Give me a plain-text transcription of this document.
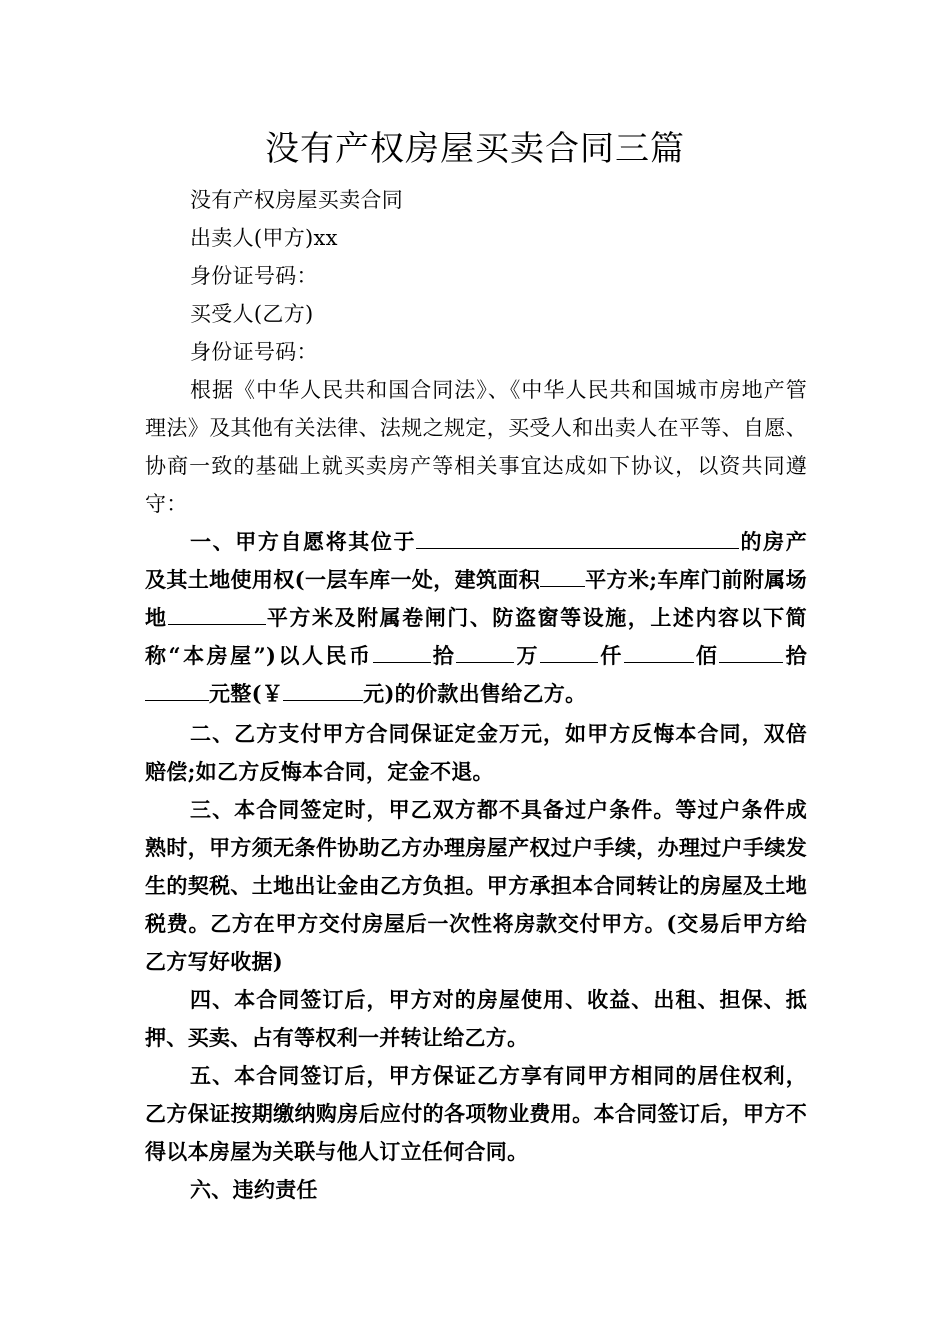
没有产权房屋买卖合同三篇

没有产权房屋买卖合同

出卖人(甲方)xx

身份证号码：

买受人(乙方)

身份证号码：

根据《中华人民共和国合同法》、《中华人民共和国城市房地产管理法》及其他有关法律、法规之规定，买受人和出卖人在平等、自愿、协商一致的基础上就买卖房产等相关事宜达成如下协议，以资共同遵守：

一、甲方自愿将其位于	的房产及其土地使用权(一层车库一处，建筑面积 平方米;车库门前附属场地	平方米及附属卷闸门、防盗窗等设施，上述内容以下简称“本房屋”)以人民币	拾	万	仟	佰	拾元整(￥	元)的价款出售给乙方。

二、乙方支付甲方合同保证定金万元，如甲方反悔本合同，双倍赔偿;如乙方反悔本合同，定金不退。

三、本合同签定时，甲乙双方都不具备过户条件。等过户条件成熟时，甲方须无条件协助乙方办理房屋产权过户手续，办理过户手续发生的契税、土地出让金由乙方负担。甲方承担本合同转让的房屋及土地税费。乙方在甲方交付房屋后一次性将房款交付甲方。(交易后甲方给乙方写好收据)

四、本合同签订后，甲方对的房屋使用、收益、出租、担保、抵押、买卖、占有等权利一并转让给乙方。

五、本合同签订后，甲方保证乙方享有同甲方相同的居住权利，乙方保证按期缴纳购房后应付的各项物业费用。本合同签订后，甲方不得以本房屋为关联与他人订立任何合同。

六、违约责任
